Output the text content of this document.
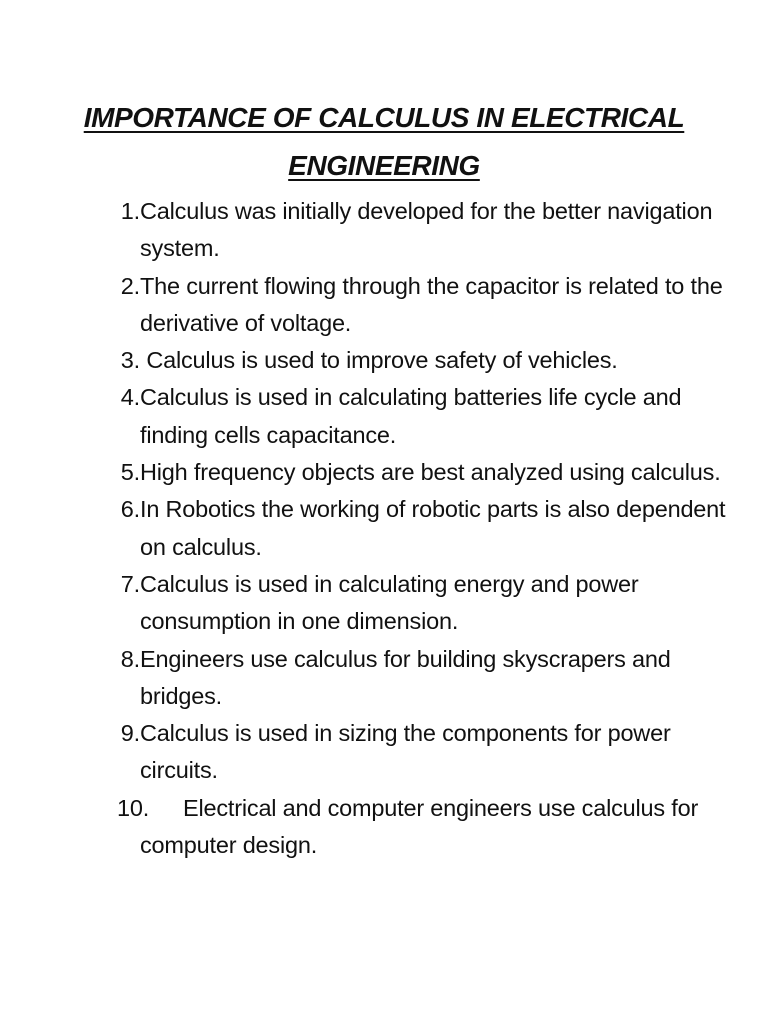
IMPORTANCE OF CALCULUS IN ELECTRICAL
ENGINEERING
1. Calculus was initially developed for the better navigation system.
2. The current flowing through the capacitor is related to the derivative of voltage.
3. Calculus is used to improve safety of vehicles.
4. Calculus is used in calculating batteries life cycle and finding cells capacitance.
5. High frequency objects are best analyzed using calculus.
6. In Robotics the working of robotic parts is also dependent on calculus.
7. Calculus is used in calculating energy and power consumption in one dimension.
8. Engineers use calculus for building skyscrapers and bridges.
9. Calculus is used in sizing the components for power circuits.
10.	Electrical and computer engineers use calculus for computer design.
